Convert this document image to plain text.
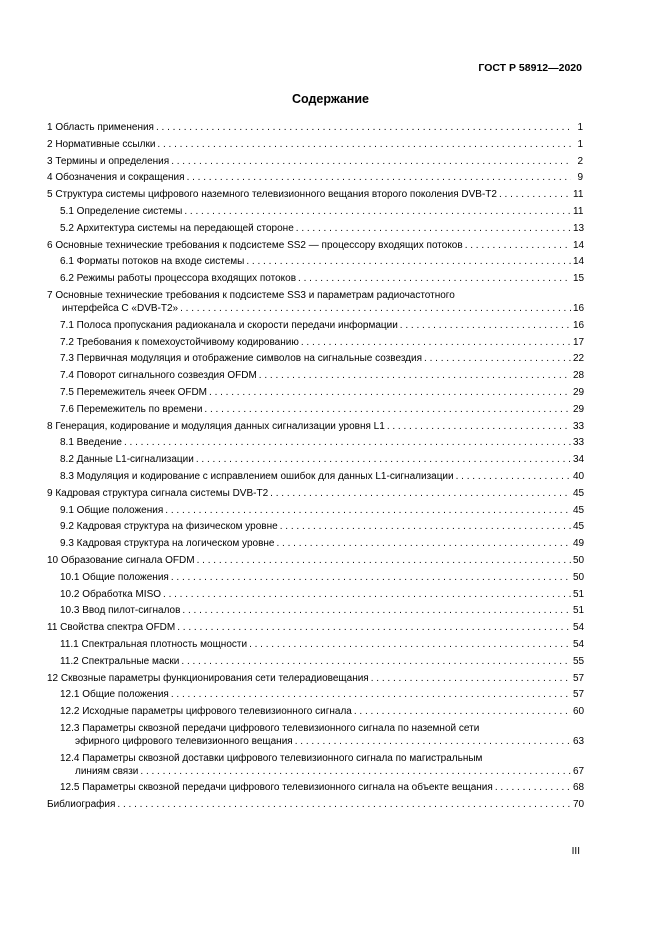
ГОСТ Р 58912—2020
Содержание
1 Область применения . . .	1
2 Нормативные ссылки . . .	1
3 Термины и определения . . .	2
4 Обозначения и сокращения . . .	9
5 Структура системы цифрового наземного телевизионного вещания второго поколения DVB-T2 . . .	11
5.1 Определение системы . . .	11
5.2 Архитектура системы на передающей стороне . . .	13
6 Основные технические требования к подсистеме SS2 — процессору входящих потоков . . .	14
6.1 Форматы потоков на входе системы . . .	14
6.2 Режимы работы процессора входящих потоков . . .	15
7 Основные технические требования к подсистеме SS3 и параметрам радиочастотного
интерфейса C «DVB-T2» . . .	16
7.1 Полоса пропускания радиоканала и скорости передачи информации . . .	16
7.2 Требования к помехоустойчивому кодированию . . .	17
7.3 Первичная модуляция и отображение символов на сигнальные созвездия . . .	22
7.4 Поворот сигнального созвездия OFDM . . .	28
7.5 Перемежитель ячеек OFDM . . .	29
7.6 Перемежитель по времени . . .	29
8 Генерация, кодирование и модуляция данных сигнализации уровня L1 . . .	33
8.1 Введение . . .	33
8.2 Данные L1-сигнализации . . .	34
8.3 Модуляция и кодирование с исправлением ошибок для данных L1-сигнализации . . .	40
9 Кадровая структура сигнала системы DVB-T2 . . .	45
9.1 Общие положения . . .	45
9.2 Кадровая структура на физическом уровне . . .	45
9.3 Кадровая структура на логическом уровне . . .	49
10 Образование сигнала OFDM . . .	50
10.1 Общие положения . . .	50
10.2 Обработка MISO . . .	51
10.3 Ввод пилот-сигналов . . .	51
11 Свойства спектра OFDM . . .	54
11.1 Спектральная плотность мощности . . .	54
11.2 Спектральные маски . . .	55
12 Сквозные параметры функционирования сети телерадиовещания . . .	57
12.1 Общие положения . . .	57
12.2 Исходные параметры цифрового телевизионного сигнала . . .	60
12.3 Параметры сквозной передачи цифрового телевизионного сигнала по наземной сети
эфирного цифрового телевизионного вещания . . .	63
12.4 Параметры сквозной доставки цифрового телевизионного сигнала по магистральным
линиям связи . . .	67
12.5 Параметры сквозной передачи цифрового телевизионного сигнала на объекте вещания . . .	68
Библиография . . .	70
III
